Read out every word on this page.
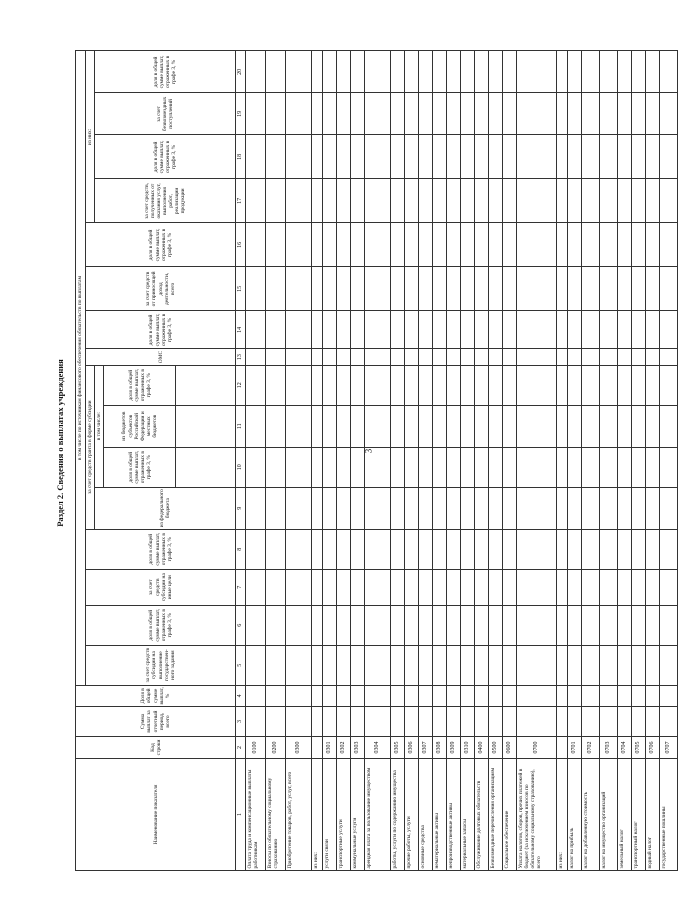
3
Раздел 2. Сведения о выплатах учреждения
Наименование показателя	Код строки	Сумма выплат за отчетный период, всего	Доля в общей сумме выплат, %	в том числе по источникам финансового обеспечения обязательств по выплатам															
				за счет средств субсидии на выполнение государствен-ного задания	доля в общей сумме выплат, отраженных в графе 3, %	за счет средств субсидии на иные цели	доля в общей сумме выплат, отраженных в графе 3, %	за счет средств гранта в форме субсидии				ОМС	доля в общей сумме выплат, отраженных в графе 3, %	за счет средств от приносящей доход деятельности, всего	доля в общей сумме выплат, отраженных в графе 3, %	из них:			
								из федерального бюджета	в том числе:							за счет средств, полученных от оказания услуг, выполнения работ, реализации продукции	доля в общей сумме выплат, отраженных в графе 3, %	за счет безвозмездных поступлений	доля в общей сумме выплат, отраженных в графе 3, %
									доля в общей сумме выплат, отраженных в графе 3, %	из бюджетов субъектов Российской Федерации и местных бюджетов	доля в общей сумме выплат, отраженных в графе 3, %								

1	2	3	4	5	6	7	8	9	10	11	12	13	14	15	16	17	18	19	20
Оплата труда и компенсационные выплаты работникам	0100																		
Взносы по обязательному социальному страхованию	0200																		
Приобретение товаров, работ, услуг, всего	0300																		
из них:																			
услуги связи	0301																		
транспортные услуги	0302																		
коммунальные услуги	0303																		
арендная плата за пользование имуществом	0304																		
работы, услуги по содержанию имущества	0305																		
прочие работы, услуги	0306																		
основные средства	0307																		
нематериальные активы	0308																		
непроизводственные активы	0309																		
материальные запасы	0310																		
Обслуживание долговых обязательств	0400																		
Безвозмездные перечисления организациям	0500																		
Социальное обеспечение	0600																		
Уплата налогов, сборов, прочих платежей в бюджет (за исключением взносов по обязательному социальному страхованию), всего	0700																		
из них:																			
налог на прибыль	0701																		
налог на добавленную стоимость	0702																		
налог на имущество организаций	0703																		
земельный налог	0704																		
транспортный налог	0705																		
водный налог	0706																		
государственные пошлины	0707																		
